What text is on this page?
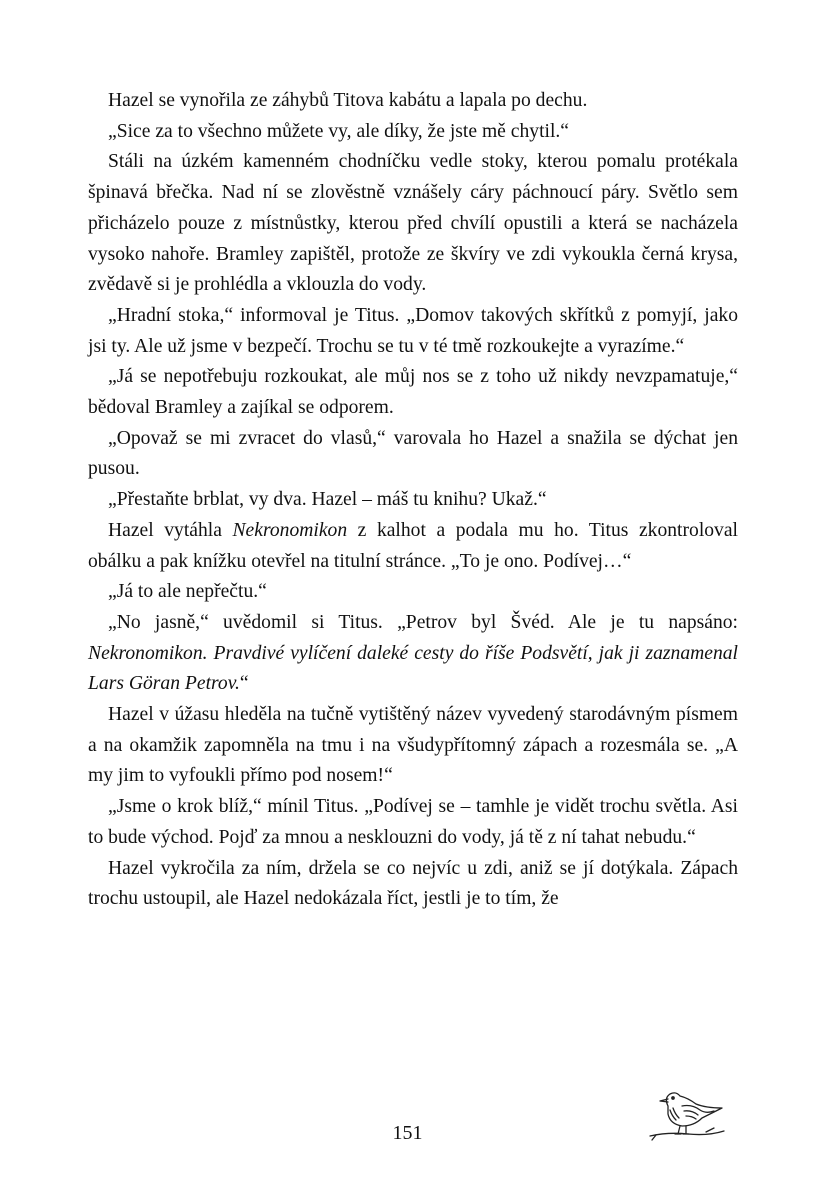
Hazel se vynořila ze záhybů Titova kabátu a lapala po dechu.

„Sice za to všechno můžete vy, ale díky, že jste mě chytil.“

Stáli na úzkém kamenném chodníčku vedle stoky, kterou pomalu protékala špinavá břečka. Nad ní se zlověstně vznášely cáry páchnoucí páry. Světlo sem přicházelo pouze z místnůstky, kterou před chvílí opustili a která se nacházela vysoko nahoře. Bramley zapištěl, protože ze škvíry ve zdi vykoukla černá krysa, zvědavě si je prohlédla a vklouzla do vody.

„Hradní stoka,“ informoval je Titus. „Domov takových skřítků z pomyjí, jako jsi ty. Ale už jsme v bezpečí. Trochu se tu v té tmě rozkoukejte a vyrazíme.“

„Já se nepotřebuju rozkoukat, ale můj nos se z toho už nikdy nevzpamatuje,“ bědoval Bramley a zajíkal se odporem.

„Opovaž se mi zvracet do vlasů,“ varovala ho Hazel a snažila se dýchat jen pusou.

„Přestaňte brblat, vy dva. Hazel – máš tu knihu? Ukaž.“

Hazel vytáhla Nekronomikon z kalhot a podala mu ho. Titus zkontroloval obálku a pak knížku otevřel na titulní stránce. „To je ono. Podívej…“

„Já to ale nepřečtu.“

„No jasně,“ uvědomil si Titus. „Petrov byl Švéd. Ale je tu napsáno: Nekronomikon. Pravdivé vylíčení daleké cesty do říše Podsvětí, jak ji zaznamenal Lars Göran Petrov.“

Hazel v úžasu hleděla na tučně vytištěný název vyvedený starodávným písmem a na okamžik zapomněla na tmu i na všudypřítomný zápach a rozesmála se. „A my jim to vyfoukli přímo pod nosem!“

„Jsme o krok blíž,“ mínil Titus. „Podívej se – tamhle je vidět trochu světla. Asi to bude východ. Pojď za mnou a nesklouzni do vody, já tě z ní tahat nebudu.“

Hazel vykročila za ním, držela se co nejvíc u zdi, aniž se jí dotýkala. Zápach trochu ustoupil, ale Hazel nedokázala říct, jestli je to tím, že

151
